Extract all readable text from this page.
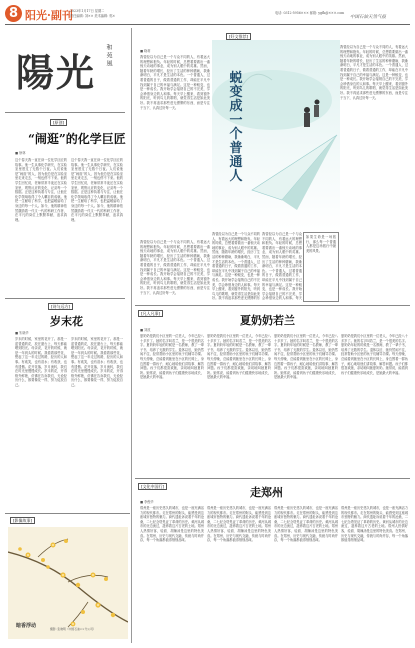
8 阳光·副刊
2023年1月17日 星期二
责任编辑: 刘×× 美术编辑: 郭×
电话: 0312-5956××× 邮箱: ygfk@×××.com
中国石油天然气报
陽光 和苑風
[原创]
“闹逛”的化学巨匠
■ 徐林
这个春天我一直在读一位化学巨匠的故事。他一生从事化学研究，在实验室里度过了无数个日夜。人们说他是“闹逛”的人，因为他总是在实验室里走来走去，一刻也停不下来。他的学生回忆说，老师常常半夜还在实验室里，观察反应的变化，记录每一个数据。正是这种执着与专注，让他在化学领域取得了令人瞩目的成就。他把一生献给了科学，也把温暖留给了身边的每一个人。如今，他的精神依然激励着一代又一代的科研工作者，在平凡的岗位上默默奉献，追求真理。
这个春天我一直在读一位化学巨匠的故事。他一生从事化学研究，在实验室里度过了无数个日夜。人们说他是“闹逛”的人，因为他总是在实验室里走来走去，一刻也停不下来。他的学生回忆说，老师常常半夜还在实验室里，观察反应的变化，记录每一个数据。正是这种执着与专注，让他在化学领域取得了令人瞩目的成就。他把一生献给了科学，也把温暖留给了身边的每一个人。如今，他的精神依然激励着一代又一代的科研工作者，在平凡的岗位上默默奉献，追求真理。
[诗与远方]
岁末花
■ 朱晓华
岁末的时候，家里的花开了。那是一盆普通的花，放在窗台上，每天都能晒到阳光。母亲说，花开的时候，就是一年到头的时候。我看着那些花，想起了这一年走过的路，经历的人和事。有欢笑，也有泪水；有收获，也有遗憾。花开花落，岁月流转，我们在时光里慢慢成长。岁末的花，开得格外鲜艳，仿佛在告诉我们，无论经历什么，都要像花一样，努力绽放自己。
岁末的时候，家里的花开了。那是一盆普通的花，放在窗台上，每天都能晒到阳光。母亲说，花开的时候，就是一年到头的时候。我看着那些花，想起了这一年走过的路，经历的人和事。有欢笑，也有泪水；有收获，也有遗憾。花开花落，岁月流转，我们在时光里慢慢成长。岁末的花，开得格外鲜艳，仿佛在告诉我们，无论经历什么，都要像花一样，努力绽放自己。
[好文推荐]
■ 晓莉
我曾经以为自己是一个与众不同的人，有着远大的理想和抱负。年轻的时候，总想着要做出一番惊天动地的事业，成为别人眼中的英雄。然而，随着年龄的增长，经历了生活的种种磨砺，我渐渐明白，平凡才是生活的本色。一个普通人，过着普通的日子，做着普通的工作，却能在平凡中找到属于自己的幸福与满足。这是一种蜕变，也是一种成长。我开始学会接纳自己的不完美，学会珍惜身边的人和事。每天早上醒来，看到窗外的阳光，听到鸟儿的歌唱，就觉得生活是如此美好。我不再追求那些虚无缥缈的东西，而是专注于当下，认真过好每一天。
我曾经以为自己是一个与众不同的人，有着远大的理想和抱负。年轻的时候，总想着要做出一番惊天动地的事业，成为别人眼中的英雄。然而，随着年龄的增长，经历了生活的种种磨砺，我渐渐明白，平凡才是生活的本色。一个普通人，过着普通的日子，做着普通的工作，却能在平凡中找到属于自己的幸福与满足。这是一种蜕变，也是一种成长。我开始学会接纳自己的不完美，学会珍惜身边的人和事。每天早上醒来，看到窗外的阳光，听到鸟儿的歌唱，就觉得生活是如此美好。我不再追求那些虚无缥缈的东西，而是专注于当下，认真过好每一天。
我曾经以为自己是一个与众不同的人，有着远大的理想和抱负。年轻的时候，总想着要做出一番惊天动地的事业，成为别人眼中的英雄。然而，随着年龄的增长，经历了生活的种种磨砺，我渐渐明白，平凡才是生活的本色。一个普通人，过着普通的日子，做着普通的工作，却能在平凡中找到属于自己的幸福与满足。这是一种蜕变，也是一种成长。我开始学会接纳自己的不完美，学会珍惜身边的人和事。每天早上醒来，看到窗外的阳光，听到鸟儿的歌唱，就觉得生活是如此美好。我不再追求那些虚无缥缈的东
我曾经以为自己是一个与众不同的人，有着远大的理想和抱负。年轻的时候，总想着要做出一番惊天动地的事业，成为别人眼中的英雄。然而，随着年龄的增长，经历了生活的种种磨砺，我渐渐明白，平凡才是生活的本色。一个普通人，过着普通的日子，做着普通的工作，却能在平凡中找到属于自己的幸福与满足。这是一种蜕变，也是一种成长。我开始学会接纳自己的不完美，学会珍惜身边的人和事。每天
我曾经以为自己是一个与众不同的人，有着远大的理想和抱负。年轻的时候，总想着要做出一番惊天动地的事业，成为别人眼中的英雄。然而，随着年龄的增长，经历了生活的种种磨砺，我渐渐明白，平凡才是生活的本色。一个普通人，过着普通的日子，做着普通的工作，却能在平凡中找到属于自己的幸福与满足。这是一种蜕变，也是一种成长。我开始学会接纳自己的不完美，学会珍惜身边的人和事。每天早上醒来，看到窗外的阳光，听到鸟儿的歌唱，就觉得生活是如此美好。我不再追求那些虚无缥缈的东西，而是专注于当下，认真过好每一天。
蜕
变
成
一
个
普
通
人
如果生命是一场旅行，那么每一个普通人都是这场旅行中最美的风景。
[凡人凡事]
夏奶奶若兰
■ 刘波
夏奶奶是我们小区里的一位老人，今年已经八十多岁了。她的名字叫若兰，是一个很美的名字。夏奶奶年轻的时候是一名教师，教了一辈子书，培养了无数的学生。退休以后，她仍然闲不住，经常帮助小区里的孩子们辅导功课。每天傍晚，总能看到她坐在小区的长椅上，身边围着一群孩子，耐心地给他们讲故事、解答问题。孩子们都很喜欢她，亲切地叫她夏奶奶。她常说，能看到孩子们健康快乐地成长，是她最大的幸福。
夏奶奶是我们小区里的一位老人，今年已经八十多岁了。她的名字叫若兰，是一个很美的名字。夏奶奶年轻的时候是一名教师，教了一辈子书，培养了无数的学生。退休以后，她仍然闲不住，经常帮助小区里的孩子们辅导功课。每天傍晚，总能看到她坐在小区的长椅上，身边围着一群孩子，耐心地给他们讲故事、解答问题。孩子们都很喜欢她，亲切地叫她夏奶奶。她常说，能看到孩子们健康快乐地成长，是她最大的幸福。
夏奶奶是我们小区里的一位老人，今年已经八十多岁了。她的名字叫若兰，是一个很美的名字。夏奶奶年轻的时候是一名教师，教了一辈子书，培养了无数的学生。退休以后，她仍然闲不住，经常帮助小区里的孩子们辅导功课。每天傍晚，总能看到她坐在小区的长椅上，身边围着一群孩子，耐心地给他们讲故事、解答问题。孩子们都很喜欢她，亲切地叫她夏奶奶。她常说，能看到孩子们健康快乐地成长，是她最大的幸福。
夏奶奶是我们小区里的一位老人，今年已经八十多岁了。她的名字叫若兰，是一个很美的名字。夏奶奶年轻的时候是一名教师，教了一辈子书，培养了无数的学生。退休以后，她仍然闲不住，经常帮助小区里的孩子们辅导功课。每天傍晚，总能看到她坐在小区的长椅上，身边围着一群孩子，耐心地给他们讲故事、解答问题。孩子们都很喜欢她，亲切地叫她夏奶奶。她常说，能看到孩子们健康快乐地成长，是她最大的幸福。
[文化中国行]	走郑州
■ 李俊华
郑州是一座历史悠久的城市，也是一座充满活力的现代都市。走在郑州的街头，能感受到这座城市独特的魅力。商代遗址诉说着千年的沧桑，二七纪念塔见证了革命的历史。黄河从城市的北边流过，滋养着这片古老的土地。郑州人热情好客，烩面、胡辣汤是这里的特色美食。在郑州，历史与现代交融，传统与时尚并存，每一个角落都值得细细品味。
郑州是一座历史悠久的城市，也是一座充满活力的现代都市。走在郑州的街头，能感受到这座城市独特的魅力。商代遗址诉说着千年的沧桑，二七纪念塔见证了革命的历史。黄河从城市的北边流过，滋养着这片古老的土地。郑州人热情好客，烩面、胡辣汤是这里的特色美食。在郑州，历史与现代交融，传统与时尚并存，每一个角落都值得细细品味。
郑州是一座历史悠久的城市，也是一座充满活力的现代都市。走在郑州的街头，能感受到这座城市独特的魅力。商代遗址诉说着千年的沧桑，二七纪念塔见证了革命的历史。黄河从城市的北边流过，滋养着这片古老的土地。郑州人热情好客，烩面、胡辣汤是这里的特色美食。在郑州，历史与现代交融，传统与时尚并存，每一个角落都值得细细品味。
郑州是一座历史悠久的城市，也是一座充满活力的现代都市。走在郑州的街头，能感受到这座城市独特的魅力。商代遗址诉说着千年的沧桑，二七纪念塔见证了革命的历史。黄河从城市的北边流过，滋养着这片古老的土地。郑州人热情好客，烩面、胡辣汤是这里的特色美食。在郑州，历史与现代交融，传统与时尚并存，每一个角落都值得细细品味。
[影像故事]
暗香浮动	摄影: 张晓明（中国石油××分公司）
